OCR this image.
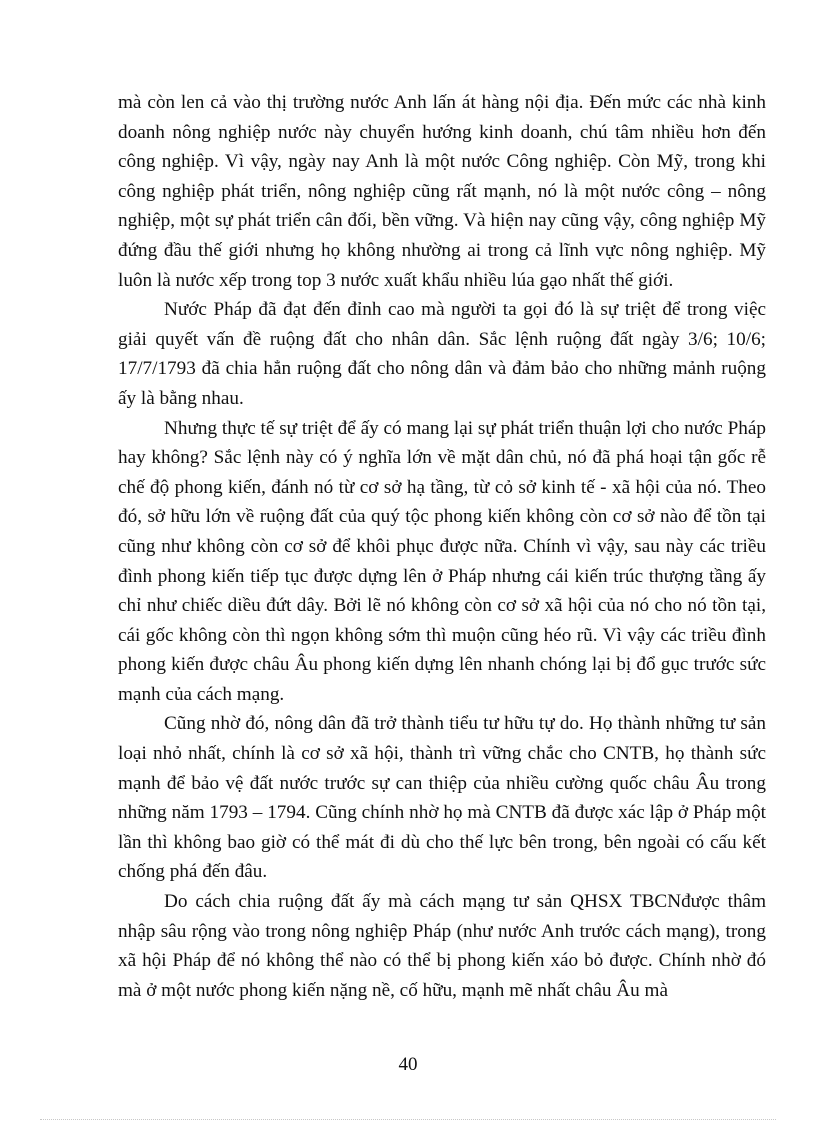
mà còn len cả vào thị trường nước Anh lấn át hàng nội địa. Đến mức các nhà kinh doanh nông nghiệp nước này chuyển hướng kinh doanh, chú tâm nhiều hơn đến công nghiệp. Vì vậy, ngày nay Anh là một nước Công nghiệp. Còn Mỹ, trong khi công nghiệp phát triển, nông nghiệp cũng rất mạnh, nó là một nước công – nông nghiệp, một sự phát triển cân đối, bền vững. Và hiện nay cũng vậy, công nghiệp Mỹ đứng đầu thế giới nhưng họ không nhường ai trong cả lĩnh vực nông nghiệp. Mỹ luôn là nước xếp trong top 3 nước xuất khẩu nhiều lúa gạo nhất thế giới.

Nước Pháp đã đạt đến đỉnh cao mà người ta gọi đó là sự triệt để trong việc giải quyết vấn đề ruộng đất cho nhân dân. Sắc lệnh ruộng đất ngày 3/6; 10/6; 17/7/1793 đã chia hẳn ruộng đất cho nông dân và đảm bảo cho những mảnh ruộng ấy là bằng nhau.

Nhưng thực tế sự triệt để ấy có mang lại sự phát triển thuận lợi cho nước Pháp hay không? Sắc lệnh này có ý nghĩa lớn về mặt dân chủ, nó đã phá hoại tận gốc rễ chế độ phong kiến, đánh nó từ cơ sở hạ tầng, từ cỏ sở kinh tế - xã hội của nó. Theo đó, sở hữu lớn về ruộng đất của quý tộc phong kiến không còn cơ sở nào để tồn tại cũng như không còn cơ sở để khôi phục được nữa. Chính vì vậy, sau này các triều đình phong kiến tiếp tục được dựng lên ở Pháp nhưng cái kiến trúc thượng tầng ấy chỉ như chiếc diều đứt dây. Bởi lẽ nó không còn cơ sở xã hội của nó cho nó tồn tại, cái gốc không còn thì ngọn không sớm thì muộn cũng héo rũ. Vì vậy các triều đình phong kiến được châu Âu phong kiến dựng lên nhanh chóng lại bị đổ gục trước sức mạnh của cách mạng.

Cũng nhờ đó, nông dân đã trở thành tiểu tư hữu tự do. Họ thành những tư sản loại nhỏ nhất, chính là cơ sở xã hội, thành trì vững chắc cho CNTB, họ thành sức mạnh để bảo vệ đất nước trước sự can thiệp của nhiều cường quốc châu Âu trong những năm 1793 – 1794. Cũng chính nhờ họ mà CNTB đã được xác lập ở Pháp một lần thì không bao giờ có thể mát đi dù cho thế lực bên trong, bên ngoài có cấu kết chống phá đến đâu.

Do cách chia ruộng đất ấy mà cách mạng tư sản QHSX TBCNđược thâm nhập sâu rộng vào trong nông nghiệp Pháp (như nước Anh trước cách mạng), trong xã hội Pháp để nó không thể nào có thể bị phong kiến xáo bỏ được. Chính nhờ đó mà ở một nước phong kiến nặng nề, cố hữu, mạnh mẽ nhất châu Âu mà

40
